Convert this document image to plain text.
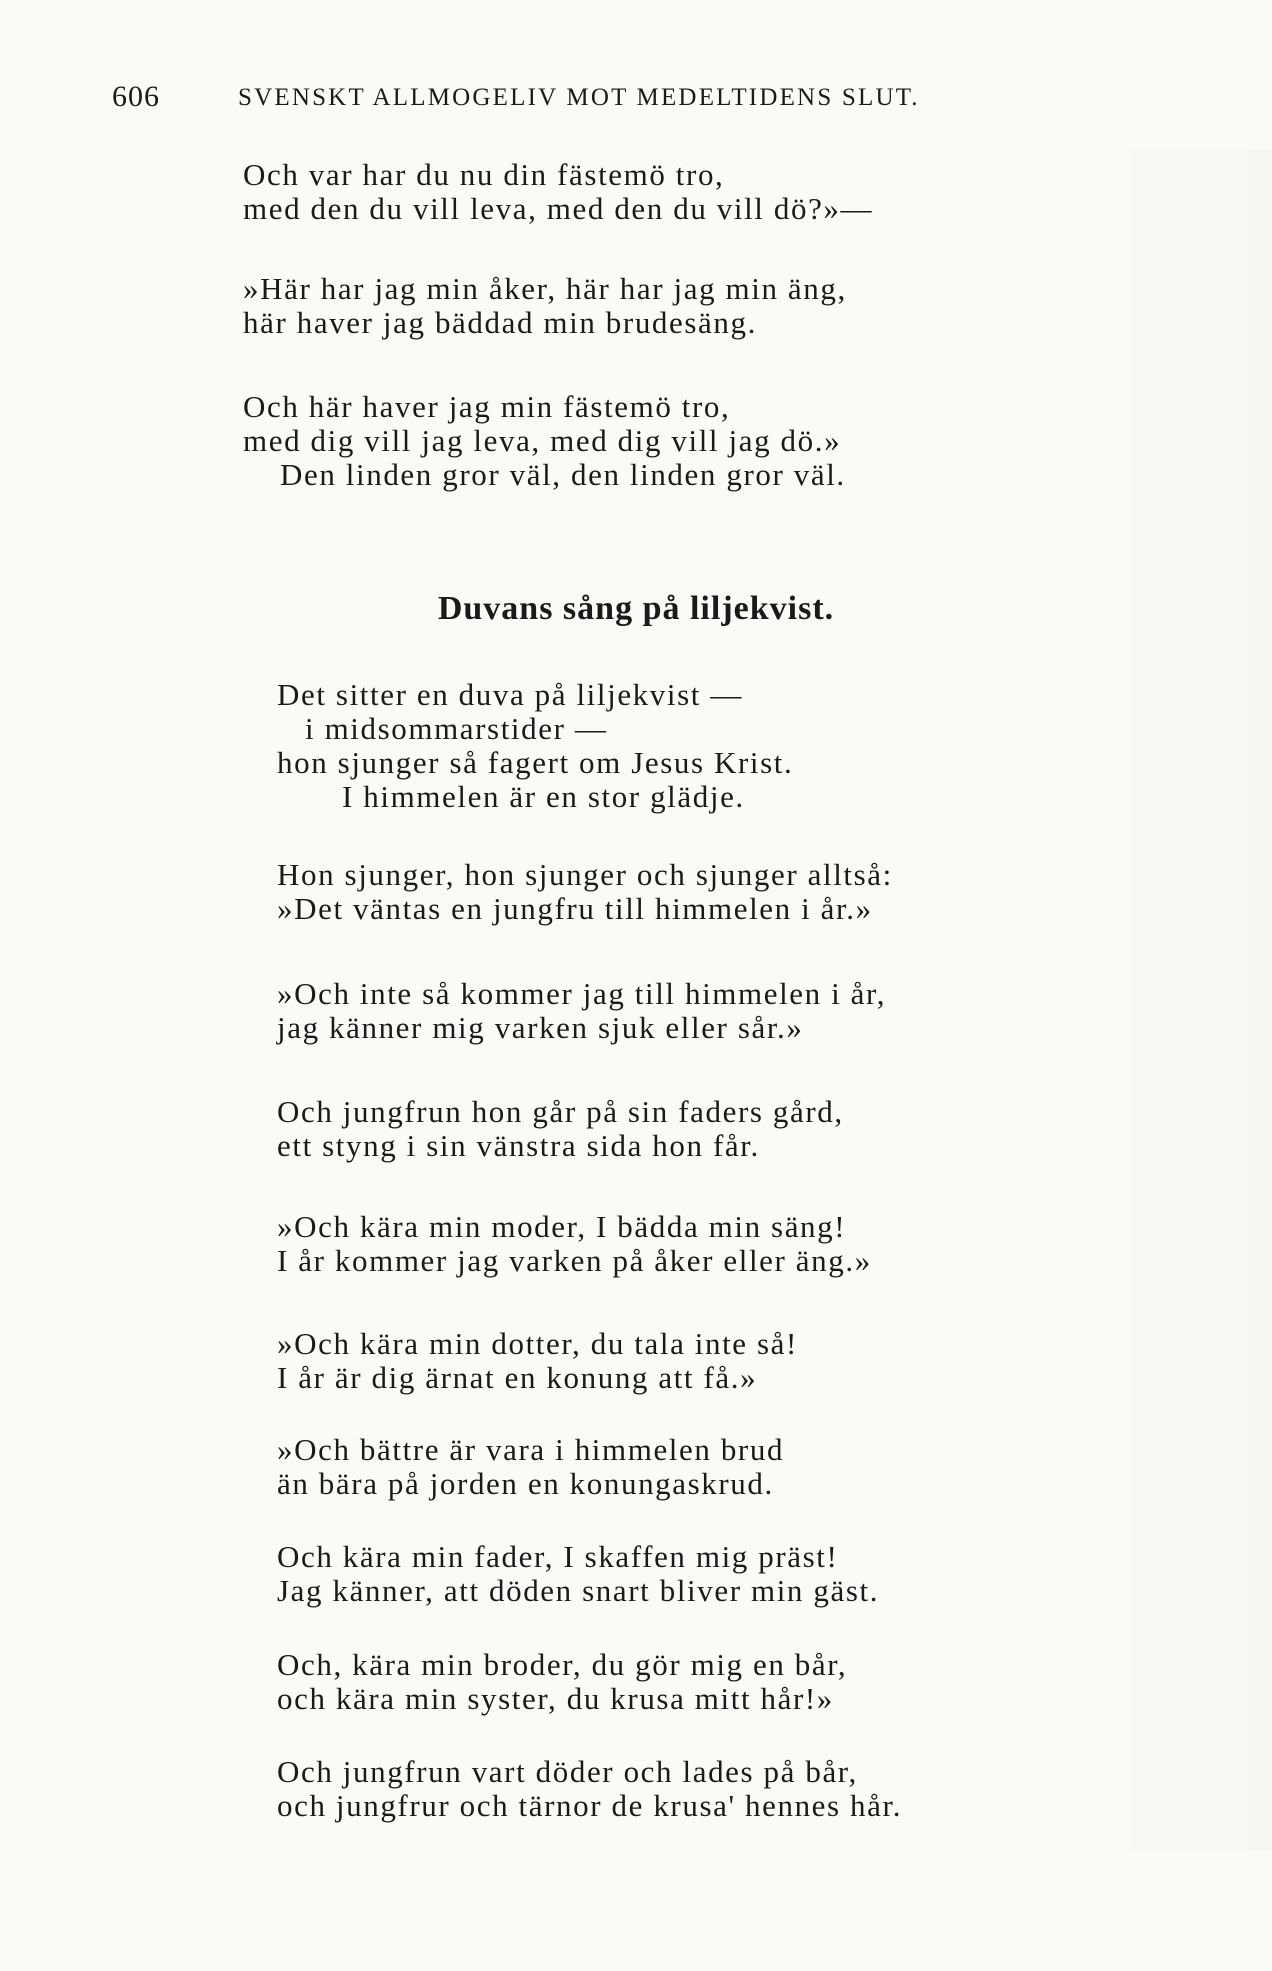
606	SVENSKT ALLMOGELIV MOT MEDELTIDENS SLUT.

Och var har du nu din fästemö tro,
med den du vill leva, med den du vill dö?»—

»Här har jag min åker, här har jag min äng,
här haver jag bäddad min brudesäng.

Och här haver jag min fästemö tro,
med dig vill jag leva, med dig vill jag dö.»
Den linden gror väl, den linden gror väl.

Duvans sång på liljekvist.

Det sitter en duva på liljekvist —
i midsommarstider —
hon sjunger så fagert om Jesus Krist.
I himmelen är en stor glädje.

Hon sjunger, hon sjunger och sjunger alltså:
»Det väntas en jungfru till himmelen i år.»

»Och inte så kommer jag till himmelen i år,
jag känner mig varken sjuk eller sår.»

Och jungfrun hon går på sin faders gård,
ett styng i sin vänstra sida hon får.

»Och kära min moder, I bädda min säng!
I år kommer jag varken på åker eller äng.»

»Och kära min dotter, du tala inte så!
I år är dig ärnat en konung att få.»

»Och bättre är vara i himmelen brud
än bära på jorden en konungaskrud.

Och kära min fader, I skaffen mig präst!
Jag känner, att döden snart bliver min gäst.

Och, kära min broder, du gör mig en bår,
och kära min syster, du krusa mitt hår!»

Och jungfrun vart döder och lades på bår,
och jungfrur och tärnor de krusa' hennes hår.
